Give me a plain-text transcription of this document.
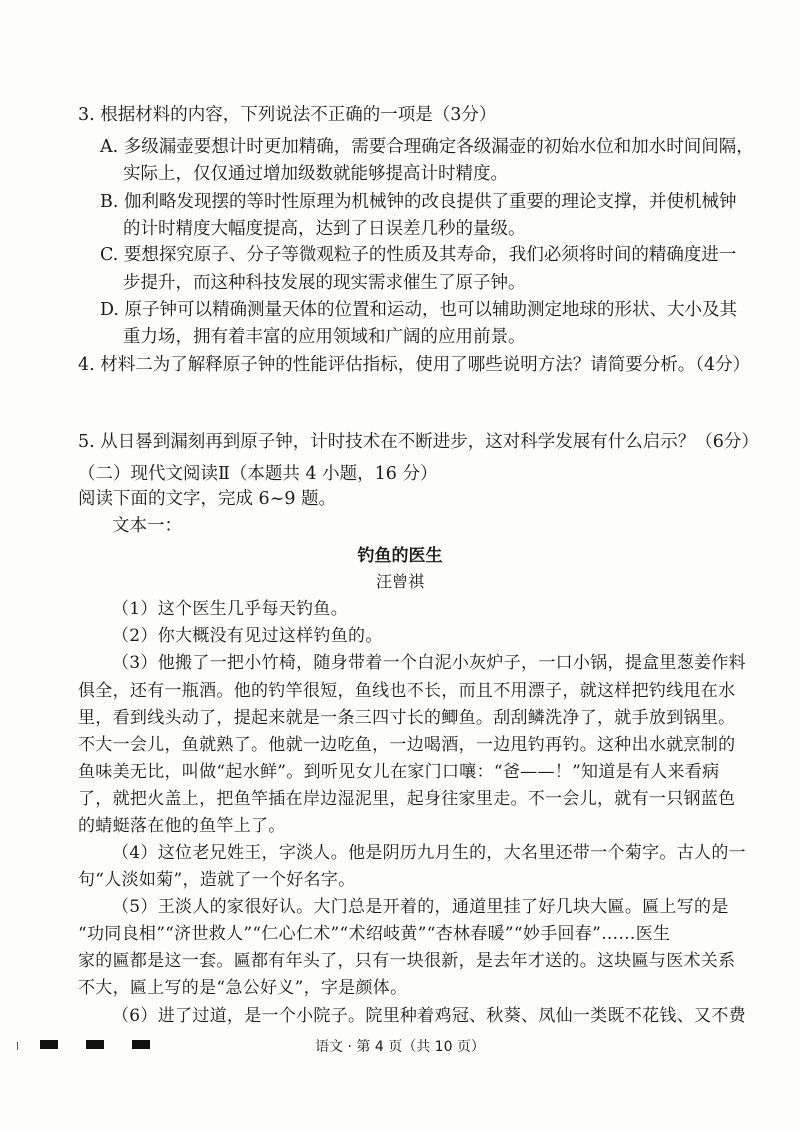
3. 根据材料的内容，下列说法不正确的一项是（3分）
A. 多级漏壶要想计时更加精确，需要合理确定各级漏壶的初始水位和加水时间间隔，
实际上，仅仅通过增加级数就能够提高计时精度。
B. 伽利略发现摆的等时性原理为机械钟的改良提供了重要的理论支撑，并使机械钟
的计时精度大幅度提高，达到了日误差几秒的量级。
C. 要想探究原子、分子等微观粒子的性质及其寿命，我们必须将时间的精确度进一
步提升，而这种科技发展的现实需求催生了原子钟。
D. 原子钟可以精确测量天体的位置和运动，也可以辅助测定地球的形状、大小及其
重力场，拥有着丰富的应用领域和广阔的应用前景。
4. 材料二为了解释原子钟的性能评估指标，使用了哪些说明方法？请简要分析。（4分）
5. 从日晷到漏刻再到原子钟，计时技术在不断进步，这对科学发展有什么启示？（6分）
（二）现代文阅读Ⅱ（本题共 4 小题，16 分）
阅读下面的文字，完成 6~9 题。
文本一：
钓鱼的医生
汪曾祺
（1）这个医生几乎每天钓鱼。
（2）你大概没有见过这样钓鱼的。
（3）他搬了一把小竹椅，随身带着一个白泥小灰炉子，一口小锅，提盒里葱姜作料
俱全，还有一瓶酒。他的钓竿很短，鱼线也不长，而且不用漂子，就这样把钓线甩在水
里，看到线头动了，提起来就是一条三四寸长的鲫鱼。刮刮鳞洗净了，就手放到锅里。
不大一会儿，鱼就熟了。他就一边吃鱼，一边喝酒，一边甩钓再钓。这种出水就烹制的
鱼味美无比，叫做“起水鲜”。到听见女儿在家门口嚷：“爸——！”知道是有人来看病
了，就把火盖上，把鱼竿插在岸边湿泥里，起身往家里走。不一会儿，就有一只钢蓝色
的蜻蜓落在他的鱼竿上了。
（4）这位老兄姓王，字淡人。他是阴历九月生的，大名里还带一个菊字。古人的一
句“人淡如菊”，造就了一个好名字。
（5）王淡人的家很好认。大门总是开着的，通道里挂了好几块大匾。匾上写的是
“功同良相”“济世救人”“仁心仁术”“术绍岐黄”“杏林春暖”“妙手回春”……医生
家的匾都是这一套。匾都有年头了，只有一块很新，是去年才送的。这块匾与医术关系
不大，匾上写的是“急公好义”，字是颜体。
（6）进了过道，是一个小院子。院里种着鸡冠、秋葵、凤仙一类既不花钱、又不费
语文 · 第 4 页（共 10 页）
